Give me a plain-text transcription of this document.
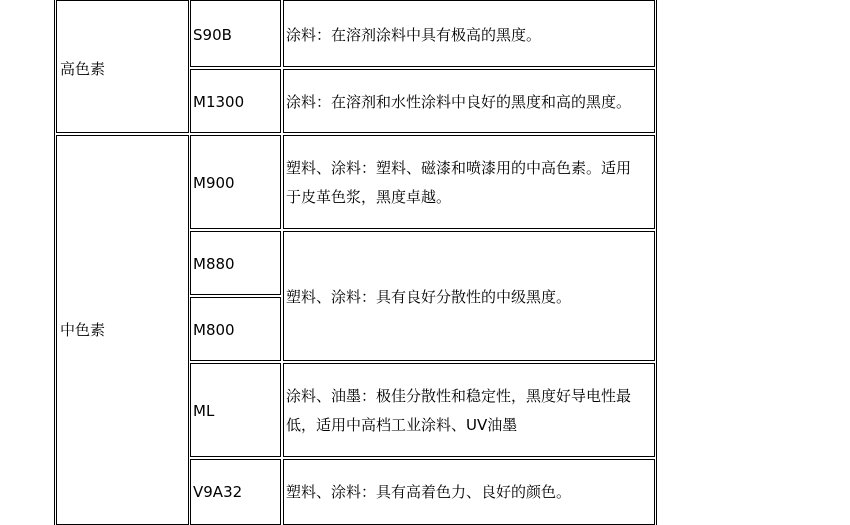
高色素
中色素
S90B
M1300
M900
M880
M800
ML
V9A32
涂料：在溶剂涂料中具有极高的黑度。
涂料：在溶剂和水性涂料中良好的黑度和高的黑度。
塑料、涂料：塑料、磁漆和喷漆用的中高色素。适用
于皮革色浆，黑度卓越。
塑料、涂料：具有良好分散性的中级黑度。
涂料、油墨：极佳分散性和稳定性，黑度好导电性最
低，适用中高档工业涂料、UV油墨
塑料、涂料：具有高着色力、良好的颜色。
